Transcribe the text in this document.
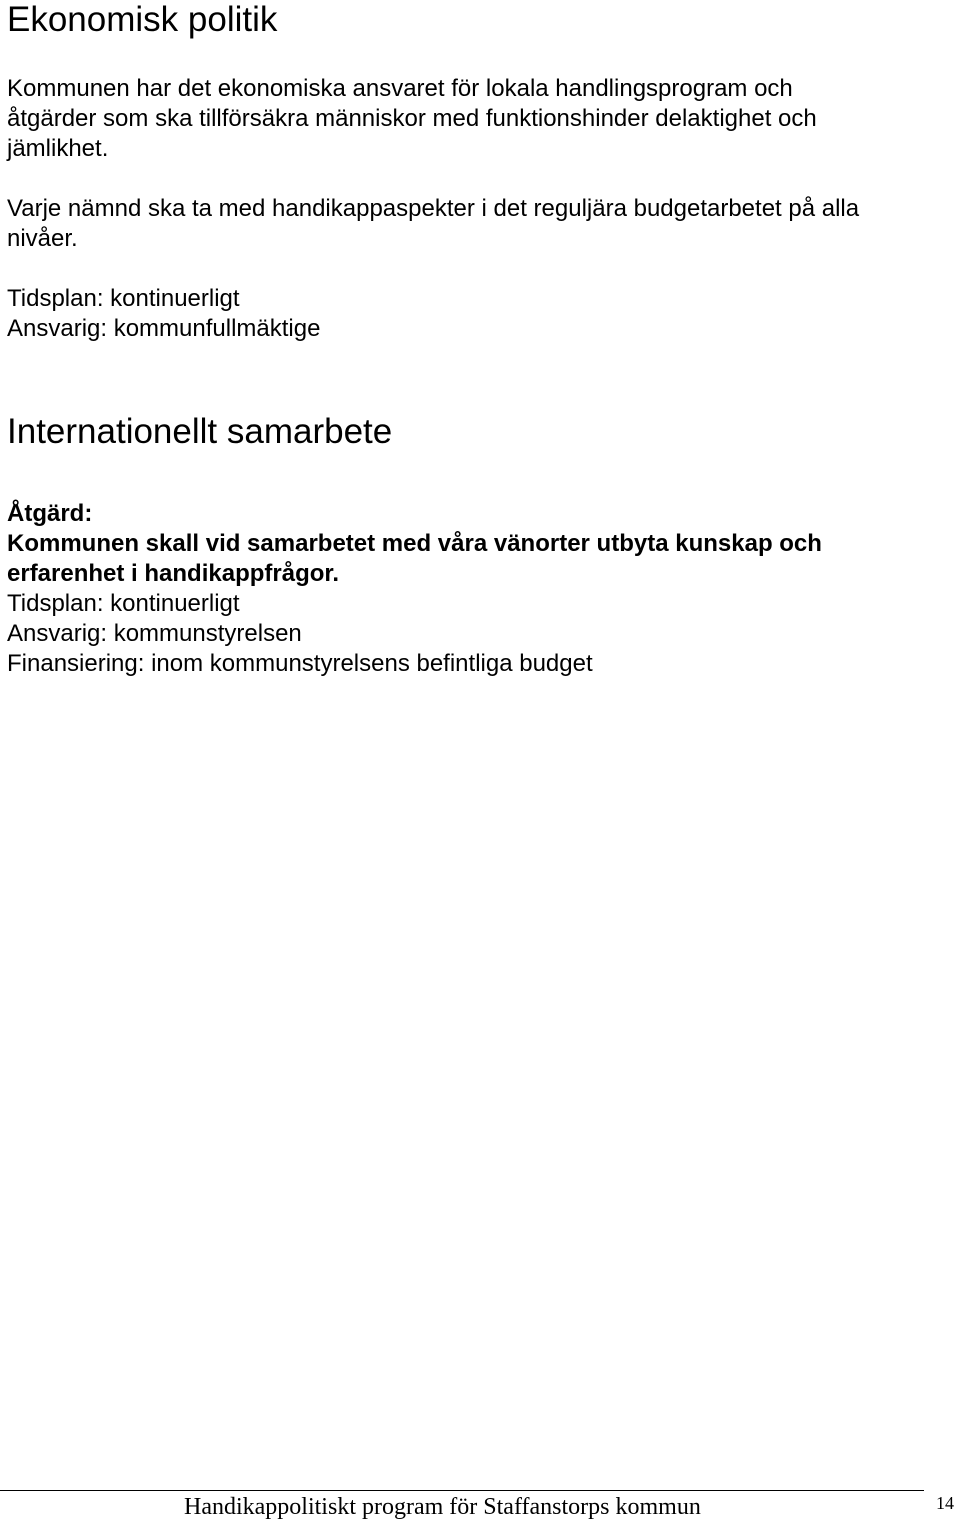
Ekonomisk politik
Kommunen har det ekonomiska ansvaret för lokala handlingsprogram och
åtgärder som ska tillförsäkra människor med funktionshinder delaktighet och
jämlikhet.
Varje nämnd ska ta med handikappaspekter i det reguljära budgetarbetet på alla
nivåer.
Tidsplan: kontinuerligt
Ansvarig: kommunfullmäktige
Internationellt samarbete
Åtgärd:
Kommunen skall vid samarbetet med våra vänorter utbyta kunskap och
erfarenhet i handikappfrågor.
Tidsplan: kontinuerligt
Ansvarig: kommunstyrelsen
Finansiering: inom kommunstyrelsens befintliga budget
Handikappolitiskt program för Staffanstorps kommun	14
